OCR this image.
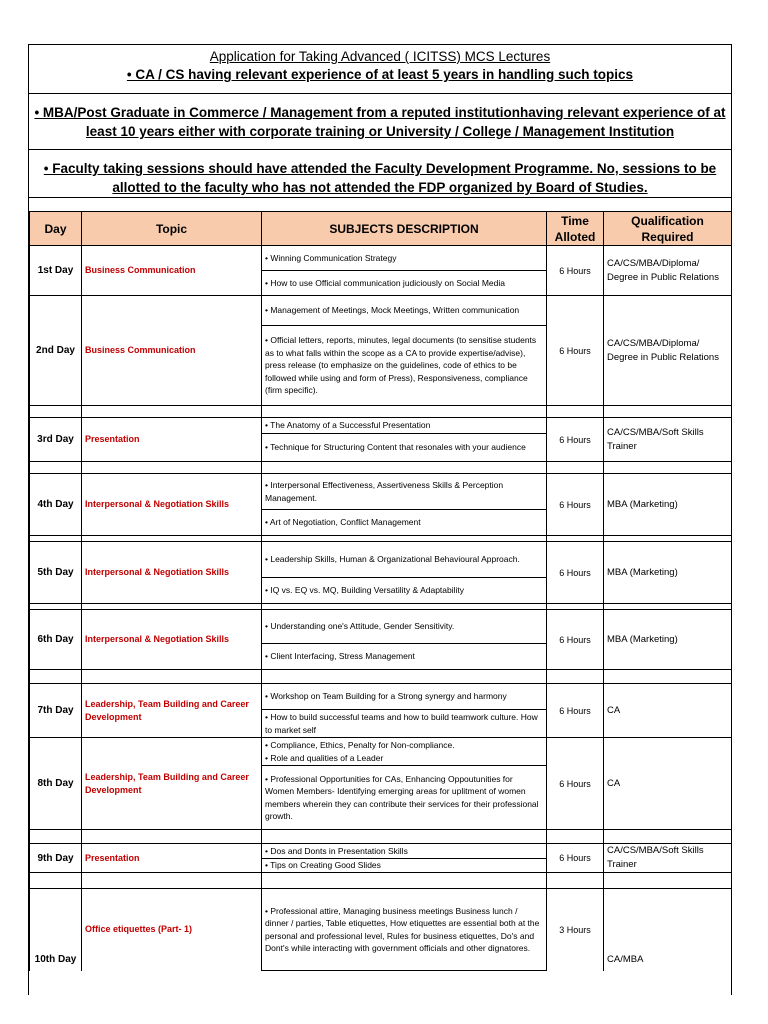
Application for Taking Advanced ( ICITSS) MCS Lectures
• CA / CS having relevant experience of at least 5 years in handling such topics
• MBA/Post Graduate in Commerce / Management from a reputed institutionhaving relevant experience of at least 10 years either with corporate training or University / College / Management Institution
• Faculty taking sessions should have attended the Faculty Development Programme. No, sessions to be allotted to the faculty who has not attended the FDP organized by Board of Studies.
Day	Topic	SUBJECTS DESCRIPTION	Time Alloted	Qualification Required
1st Day	Business Communication	• Winning Communication Strategy	6 Hours	CA/CS/MBA/Diploma/ Degree in Public Relations
		• How to use Official communication judiciously on Social Media		
2nd Day	Business Communication	• Management of Meetings, Mock Meetings, Written communication	6 Hours	CA/CS/MBA/Diploma/ Degree in Public Relations
		• Official letters, reports, minutes, legal documents (to sensitise students as to what falls within the scope as a CA to provide expertise/advise), press release (to emphasize on the guidelines, code of ethics to be followed while using and form of Press), Responsiveness, compliance (firm specific).		

3rd Day	Presentation	• The Anatomy of a Successful Presentation	6 Hours	CA/CS/MBA/Soft Skills Trainer
		• Technique for Structuring Content that resonales with your audience		

4th Day	Interpersonal & Negotiation Skills	• Interpersonal Effectiveness, Assertiveness Skills & Perception Management.	6 Hours	MBA (Marketing)
		• Art of Negotiation, Conflict Management		

5th Day	Interpersonal & Negotiation Skills	• Leadership Skills, Human & Organizational Behavioural Approach.	6 Hours	MBA (Marketing)
		• IQ vs. EQ vs. MQ, Building Versatility & Adaptability		

6th Day	Interpersonal & Negotiation Skills	• Understanding one's Attitude, Gender Sensitivity.	6 Hours	MBA (Marketing)
		• Client Interfacing, Stress Management		

7th Day	Leadership, Team Building and Career Development	• Workshop on Team Building for a Strong synergy and harmony	6 Hours	CA
		• How to build successful teams and how to build teamwork culture. How to market self		
8th Day	Leadership, Team Building and Career Development	• Compliance, Ethics, Penalty for Non-compliance.	6 Hours	CA
		• Role and qualities of a Leader		
		• Professional Opportunities for CAs, Enhancing Oppoutunities for Women Members- Identifying emerging areas for uplitment of women members wherein they can contribute their services for their professional growth.		

9th Day	Presentation	• Dos and Donts in Presentation Skills	6 Hours	CA/CS/MBA/Soft Skills Trainer
		• Tips on Creating Good Slides		

10th Day	Office etiquettes (Part- 1)	• Professional attire, Managing business meetings Business lunch / dinner / parties, Table etiquettes, How etiquettes are essential both at the personal and professional level, Rules for business etiquettes, Do's and Dont's while interacting with government officials and other dignatores.	3 Hours	CA/MBA
